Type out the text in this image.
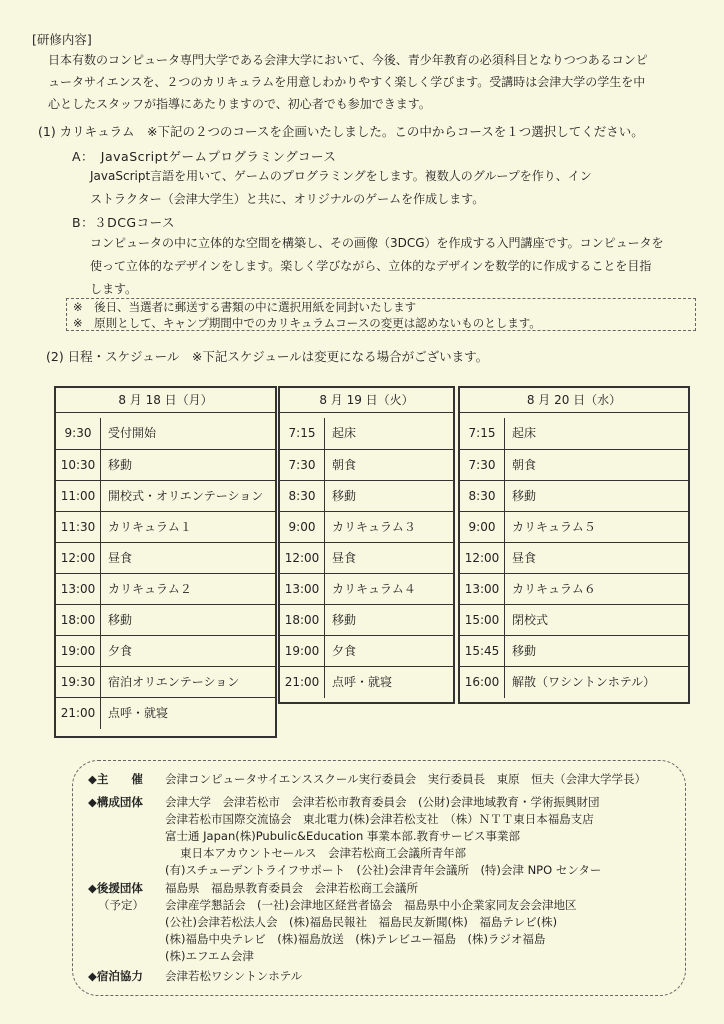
[研修内容]
日本有数のコンピュータ専門大学である会津大学において、今後、青少年教育の必須科目となりつつあるコンピ
ュータサイエンスを、２つのカリキュラムを用意しわかりやすく楽しく学びます。受講時は会津大学の学生を中
心としたスタッフが指導にあたりますので、初心者でも参加できます。
(1) カリキュラム　※下記の２つのコースを企画いたしました。この中からコースを１つ選択してください。
A：　JavaScriptゲームプログラミングコース
JavaScript言語を用いて、ゲームのプログラミングをします。複数人のグループを作り、イン
ストラクター（会津大学生）と共に、オリジナルのゲームを作成します。
B：３DCGコース
コンピュータの中に立体的な空間を構築し、その画像（3DCG）を作成する入門講座です。コンピュータを
使って立体的なデザインをします。楽しく学びながら、立体的なデザインを数学的に作成することを目指
します。
※　後日、当選者に郵送する書類の中に選択用紙を同封いたします
※　原則として、キャンプ期間中でのカリキュラムコースの変更は認めないものとします。
(2) 日程・スケジュール　※下記スケジュールは変更になる場合がございます。
8 月 18 日（月）
9:30	受付開始
10:30	移動
11:00	開校式・オリエンテーション
11:30	カリキュラム１
12:00	昼食
13:00	カリキュラム２
18:00	移動
19:00	夕食
19:30	宿泊オリエンテーション
21:00	点呼・就寝
8 月 19 日（火）
7:15	起床
7:30	朝食
8:30	移動
9:00	カリキュラム３
12:00	昼食
13:00	カリキュラム４
18:00	移動
19:00	夕食
21:00	点呼・就寝
8 月 20 日（水）
7:15	起床
7:30	朝食
8:30	移動
9:00	カリキュラム５
12:00	昼食
13:00	カリキュラム６
15:00	閉校式
15:45	移動
16:00	解散（ワシントンホテル）
◆主　　催 会津コンピュータサイエンススクール実行委員会　実行委員長　東原　恒夫（会津大学学長）
◆構成団体 会津大学　会津若松市　会津若松市教育委員会　(公財)会津地域教育・学術振興財団
会津若松市国際交流協会　東北電力(株)会津若松支社　（株）ＮＴＴ東日本福島支店
富士通 Japan(株)Pubulic&Education 事業本部.教育サービス事業部
東日本アカウントセールス　会津若松商工会議所青年部
(有)スチューデントライフサポート　(公社)会津青年会議所　(特)会津 NPO センター
◆後援団体
（予定）
福島県　福島県教育委員会　会津若松商工会議所
会津産学懇話会　(一社)会津地区経営者協会　福島県中小企業家同友会会津地区
(公社)会津若松法人会　(株)福島民報社　福島民友新聞(株)　福島テレビ(株)
(株)福島中央テレビ　(株)福島放送　(株)テレビユー福島　(株)ラジオ福島
(株)エフエム会津
◆宿泊協力 会津若松ワシントンホテル
